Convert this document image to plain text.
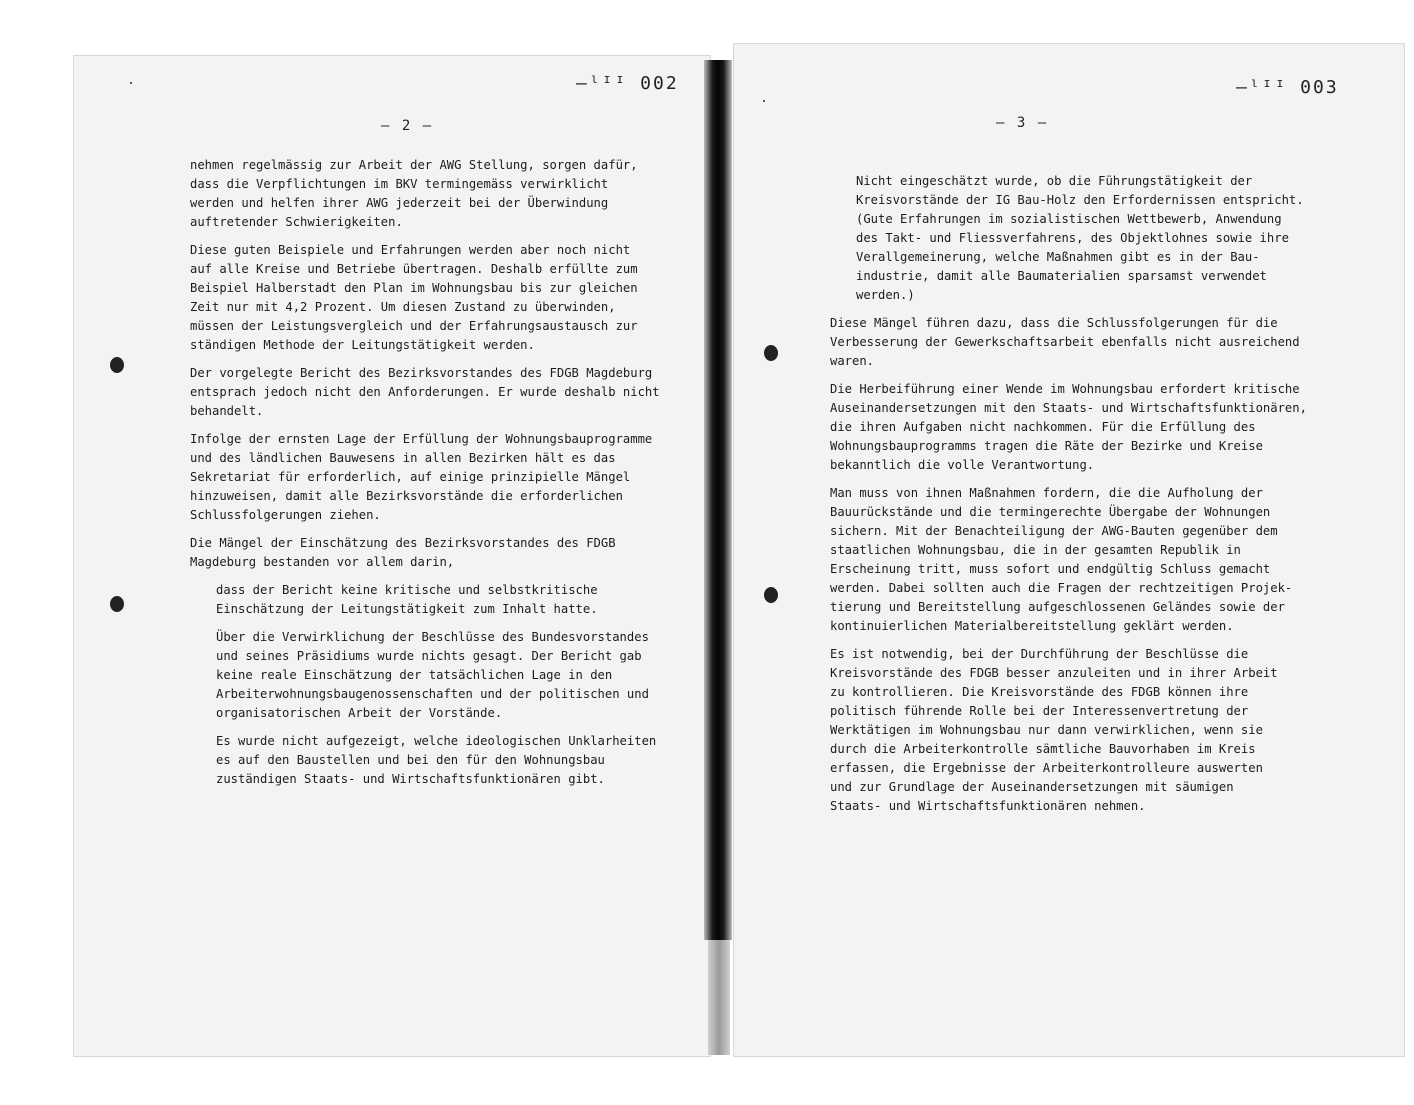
—ˡᴵᴵ 002	—ˡᴵᴵ 003
– 2 –	– 3 –

nehmen regelmässig zur Arbeit der AWG Stellung, sorgen dafür,

dass die Verpflichtungen im BKV termingemäss verwirklicht

werden und helfen ihrer AWG jederzeit bei der Überwindung

auftretender Schwierigkeiten.

Diese guten Beispiele und Erfahrungen werden aber noch nicht

auf alle Kreise und Betriebe übertragen. Deshalb erfüllte zum

Beispiel Halberstadt den Plan im Wohnungsbau bis zur gleichen

Zeit nur mit 4,2 Prozent. Um diesen Zustand zu überwinden,

müssen der Leistungsvergleich und der Erfahrungsaustausch zur

ständigen Methode der Leitungstätigkeit werden.

Der vorgelegte Bericht des Bezirksvorstandes des FDGB Magdeburg

entsprach jedoch nicht den Anforderungen. Er wurde deshalb nicht

behandelt.

Infolge der ernsten Lage der Erfüllung der Wohnungsbauprogramme

und des ländlichen Bauwesens in allen Bezirken hält es das

Sekretariat für erforderlich, auf einige prinzipielle Mängel

hinzuweisen, damit alle Bezirksvorstände die erforderlichen

Schlussfolgerungen ziehen.

Die Mängel der Einschätzung des Bezirksvorstandes des FDGB

Magdeburg bestanden vor allem darin,

dass der Bericht keine kritische und selbstkritische

Einschätzung der Leitungstätigkeit zum Inhalt hatte.

Über die Verwirklichung der Beschlüsse des Bundesvorstandes

und seines Präsidiums wurde nichts gesagt. Der Bericht gab

keine reale Einschätzung der tatsächlichen Lage in den

Arbeiterwohnungsbaugenossenschaften und der politischen und

organisatorischen Arbeit der Vorstände.

Es wurde nicht aufgezeigt, welche ideologischen Unklarheiten

es auf den Baustellen und bei den für den Wohnungsbau

zuständigen Staats- und Wirtschaftsfunktionären gibt.

Nicht eingeschätzt wurde, ob die Führungstätigkeit der

Kreisvorstände der IG Bau-Holz den Erfordernissen entspricht.

(Gute Erfahrungen im sozialistischen Wettbewerb, Anwendung

des Takt- und Fliessverfahrens, des Objektlohnes sowie ihre

Verallgemeinerung, welche Maßnahmen gibt es in der Bau-

industrie, damit alle Baumaterialien sparsamst verwendet

werden.)

Diese Mängel führen dazu, dass die Schlussfolgerungen für die

Verbesserung der Gewerkschaftsarbeit ebenfalls nicht ausreichend

waren.

Die Herbeiführung einer Wende im Wohnungsbau erfordert kritische

Auseinandersetzungen mit den Staats- und Wirtschaftsfunktionären,

die ihren Aufgaben nicht nachkommen. Für die Erfüllung des

Wohnungsbauprogramms tragen die Räte der Bezirke und Kreise

bekanntlich die volle Verantwortung.

Man muss von ihnen Maßnahmen fordern, die die Aufholung der

Bauurückstände und die termingerechte Übergabe der Wohnungen

sichern. Mit der Benachteiligung der AWG-Bauten gegenüber dem

staatlichen Wohnungsbau, die in der gesamten Republik in

Erscheinung tritt, muss sofort und endgültig Schluss gemacht

werden. Dabei sollten auch die Fragen der rechtzeitigen Projek-

tierung und Bereitstellung aufgeschlossenen Geländes sowie der

kontinuierlichen Materialbereitstellung geklärt werden.

Es ist notwendig, bei der Durchführung der Beschlüsse die

Kreisvorstände des FDGB besser anzuleiten und in ihrer Arbeit

zu kontrollieren. Die Kreisvorstände des FDGB können ihre

politisch führende Rolle bei der Interessenvertretung der

Werktätigen im Wohnungsbau nur dann verwirklichen, wenn sie

durch die Arbeiterkontrolle sämtliche Bauvorhaben im Kreis

erfassen, die Ergebnisse der Arbeiterkontrolleure auswerten

und zur Grundlage der Auseinandersetzungen mit säumigen

Staats- und Wirtschaftsfunktionären nehmen.
